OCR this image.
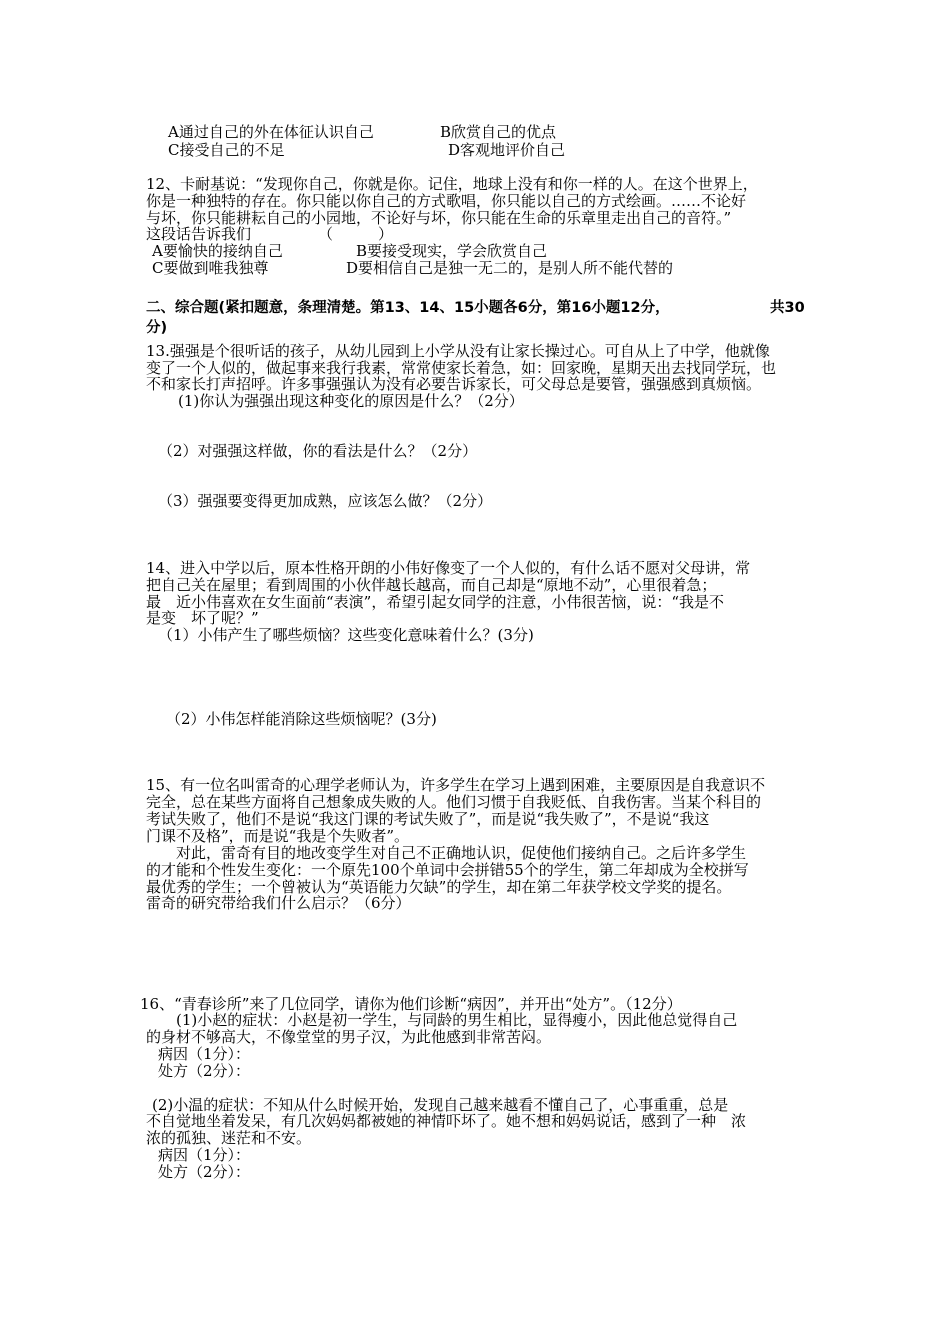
A通过自己的外在体征认识自己	B欣赏自己的优点
C接受自己的不足	D客观地评价自己
12、卡耐基说：“发现你自己，你就是你。记住，地球上没有和你一样的人。在这个世界上，
你是一种独特的存在。你只能以你自己的方式歌唱，你只能以自己的方式绘画。……不论好
与坏，你只能耕耘自己的小园地，不论好与坏，你只能在生命的乐章里走出自己的音符。”
这段话告诉我们	（　　　）
A要愉快的接纳自己	B要接受现实，学会欣赏自己
C要做到唯我独尊	D要相信自己是独一无二的，是别人所不能代替的
二、综合题(紧扣题意，条理清楚。第13、14、15小题各6分，第16小题12分，	共30
分)
13.强强是个很听话的孩子，从幼儿园到上小学从没有让家长操过心。可自从上了中学，他就像
变了一个人似的，做起事来我行我素，常常使家长着急，如：回家晚，星期天出去找同学玩，也
不和家长打声招呼。许多事强强认为没有必要告诉家长，可父母总是要管，强强感到真烦恼。
(1)你认为强强出现这种变化的原因是什么？（2分）
（2）对强强这样做，你的看法是什么？（2分）
（3）强强要变得更加成熟，应该怎么做？（2分）
14、进入中学以后，原本性格开朗的小伟好像变了一个人似的，有什么话不愿对父母讲，常
把自己关在屋里；看到周围的小伙伴越长越高，而自己却是“原地不动”，心里很着急；
最　近小伟喜欢在女生面前“表演”，希望引起女同学的注意，小伟很苦恼，说：“我是不
是变　坏了呢？”
（1）小伟产生了哪些烦恼？这些变化意味着什么？(3分)
（2）小伟怎样能消除这些烦恼呢？(3分)
15、有一位名叫雷奇的心理学老师认为，许多学生在学习上遇到困难，主要原因是自我意识不
完全，总在某些方面将自己想象成失败的人。他们习惯于自我贬低、自我伤害。当某个科目的
考试失败了，他们不是说“我这门课的考试失败了”，而是说“我失败了”，不是说“我这
门课不及格”，而是说“我是个失败者”。
对此，雷奇有目的地改变学生对自己不正确地认识，促使他们接纳自己。之后许多学生
的才能和个性发生变化：一个原先100个单词中会拼错55个的学生，第二年却成为全校拼写
最优秀的学生；一个曾被认为“英语能力欠缺”的学生，却在第二年获学校文学奖的提名。
雷奇的研究带给我们什么启示？（6分）
16、“青春诊所”来了几位同学，请你为他们诊断“病因”，并开出“处方”。（12分）
(1)小赵的症状：小赵是初一学生，与同龄的男生相比，显得瘦小，因此他总觉得自己
的身材不够高大，不像堂堂的男子汉，为此他感到非常苦闷。
病因（1分）：
处方（2分）：
(2)小温的症状：不知从什么时候开始，发现自己越来越看不懂自己了，心事重重，总是
不自觉地坐着发呆，有几次妈妈都被她的神情吓坏了。她不想和妈妈说话，感到了一种　浓
浓的孤独、迷茫和不安。
病因（1分）：
处方（2分）：
